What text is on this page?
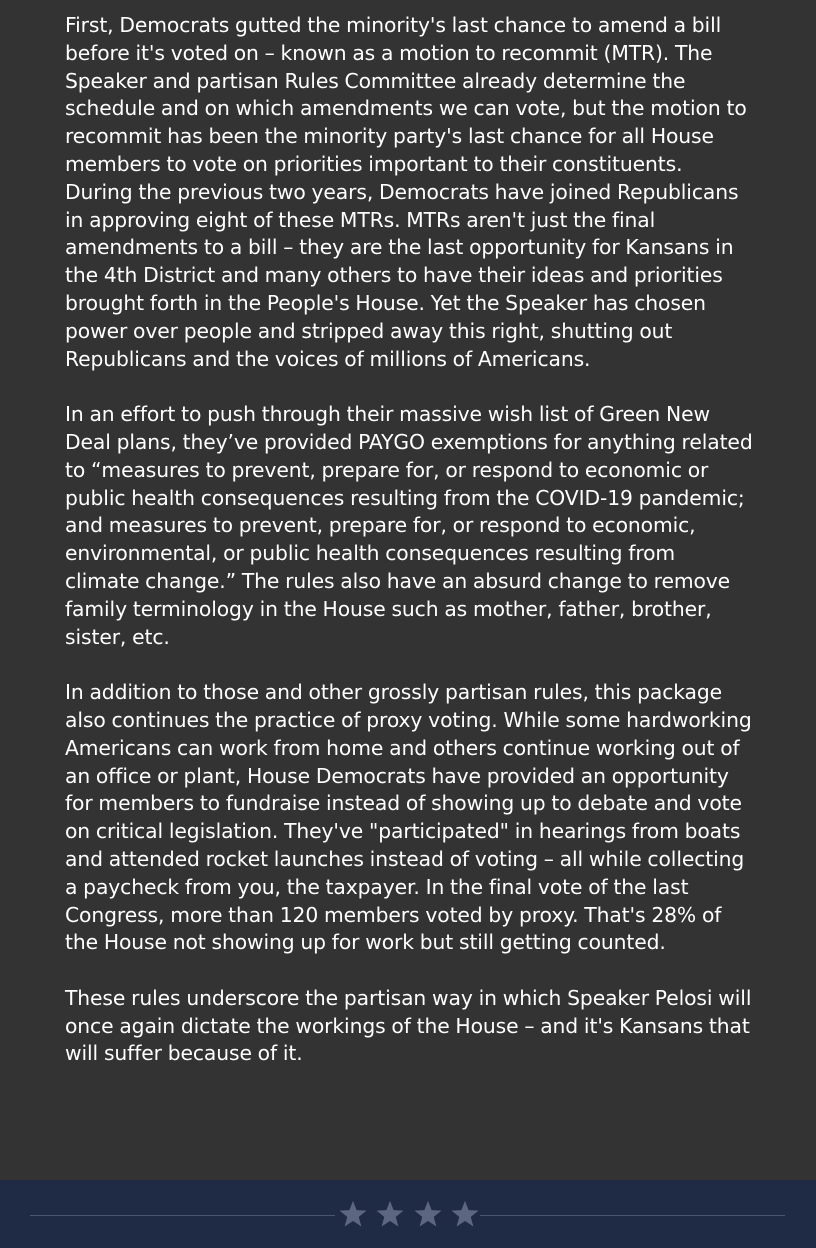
First, Democrats gutted the minority's last chance to amend a bill before it's voted on – known as a motion to recommit (MTR). The Speaker and partisan Rules Committee already determine the schedule and on which amendments we can vote, but the motion to recommit has been the minority party's last chance for all House members to vote on priorities important to their constituents. During the previous two years, Democrats have joined Republicans in approving eight of these MTRs. MTRs aren't just the final amendments to a bill – they are the last opportunity for Kansans in the 4th District and many others to have their ideas and priorities brought forth in the People's House. Yet the Speaker has chosen power over people and stripped away this right, shutting out Republicans and the voices of millions of Americans.

In an effort to push through their massive wish list of Green New Deal plans, they’ve provided PAYGO exemptions for anything related to “measures to prevent, prepare for, or respond to economic or public health consequences resulting from the COVID-19 pandemic; and measures to prevent, prepare for, or respond to economic, environmental, or public health consequences resulting from climate change.” The rules also have an absurd change to remove family terminology in the House such as mother, father, brother, sister, etc.

In addition to those and other grossly partisan rules, this package also continues the practice of proxy voting. While some hardworking Americans can work from home and others continue working out of an office or plant, House Democrats have provided an opportunity for members to fundraise instead of showing up to debate and vote on critical legislation. They've "participated" in hearings from boats and attended rocket launches instead of voting – all while collecting a paycheck from you, the taxpayer. In the final vote of the last Congress, more than 120 members voted by proxy. That's 28% of the House not showing up for work but still getting counted.

These rules underscore the partisan way in which Speaker Pelosi will once again dictate the workings of the House – and it's Kansans that will suffer because of it.
